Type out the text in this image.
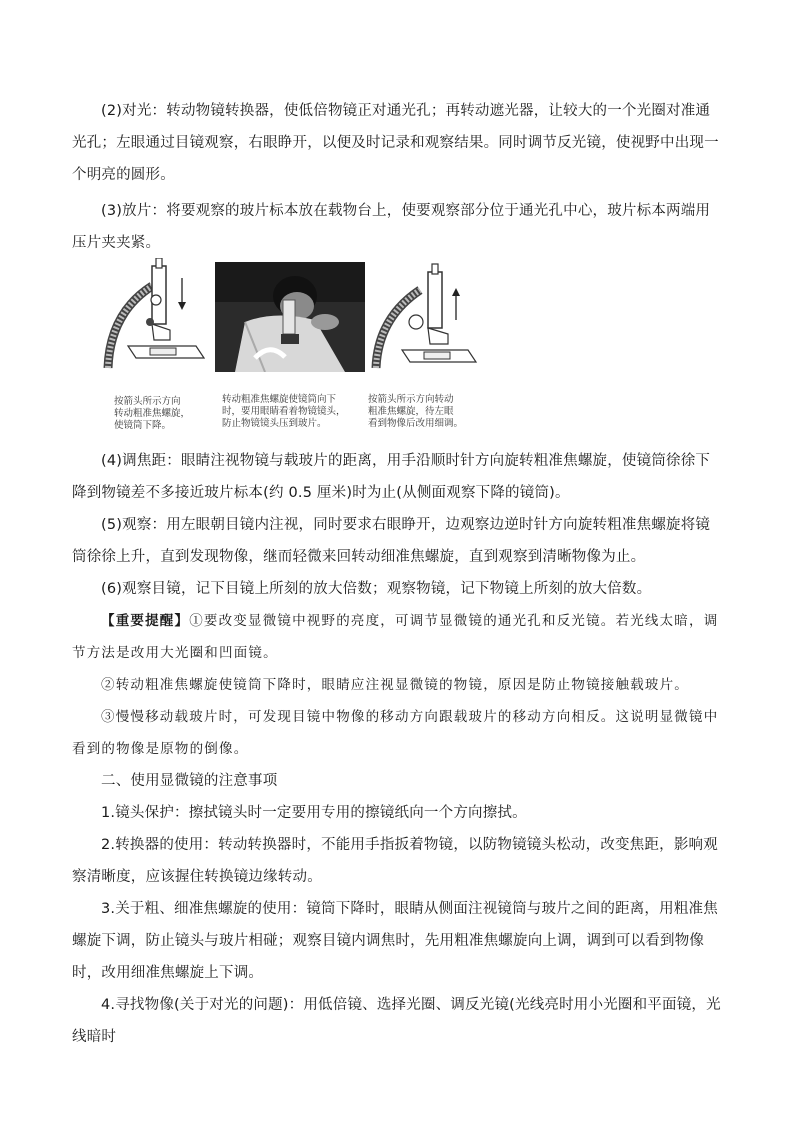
(2)对光：转动物镜转换器，使低倍物镜正对通光孔；再转动遮光器，让较大的一个光圈对准通光孔；左眼通过目镜观察，右眼睁开，以便及时记录和观察结果。同时调节反光镜，使视野中出现一个明亮的圆形。

(3)放片：将要观察的玻片标本放在载物台上，使要观察部分位于通光孔中心，玻片标本两端用压片夹夹紧。

按箭头所示方向
转动粗准焦螺旋，
使镜筒下降。
转动粗准焦螺旋使镜筒向下
时，要用眼睛看着物镜镜头，
防止物镜镜头压到玻片。
按箭头所示方向转动
粗准焦螺旋，待左眼
看到物像后改用细调。

(4)调焦距：眼睛注视物镜与载玻片的距离，用手沿顺时针方向旋转粗准焦螺旋，使镜筒徐徐下降到物镜差不多接近玻片标本(约 0.5 厘米)时为止(从侧面观察下降的镜筒)。

(5)观察：用左眼朝目镜内注视，同时要求右眼睁开，边观察边逆时针方向旋转粗准焦螺旋将镜筒徐徐上升，直到发现物像，继而轻微来回转动细准焦螺旋，直到观察到清晰物像为止。

(6)观察目镜，记下目镜上所刻的放大倍数；观察物镜，记下物镜上所刻的放大倍数。

【重要提醒】①要改变显微镜中视野的亮度，可调节显微镜的通光孔和反光镜。若光线太暗，调节方法是改用大光圈和凹面镜。

②转动粗准焦螺旋使镜筒下降时，眼睛应注视显微镜的物镜，原因是防止物镜接触载玻片。

③慢慢移动载玻片时，可发现目镜中物像的移动方向跟载玻片的移动方向相反。这说明显微镜中看到的物像是原物的倒像。

二、使用显微镜的注意事项

1.镜头保护：擦拭镜头时一定要用专用的擦镜纸向一个方向擦拭。

2.转换器的使用：转动转换器时，不能用手指扳着物镜，以防物镜镜头松动，改变焦距，影响观察清晰度，应该握住转换镜边缘转动。

3.关于粗、细准焦螺旋的使用：镜筒下降时，眼睛从侧面注视镜筒与玻片之间的距离，用粗准焦螺旋下调，防止镜头与玻片相碰；观察目镜内调焦时，先用粗准焦螺旋向上调，调到可以看到物像时，改用细准焦螺旋上下调。

4.寻找物像(关于对光的问题)：用低倍镜、选择光圈、调反光镜(光线亮时用小光圈和平面镜，光线暗时
